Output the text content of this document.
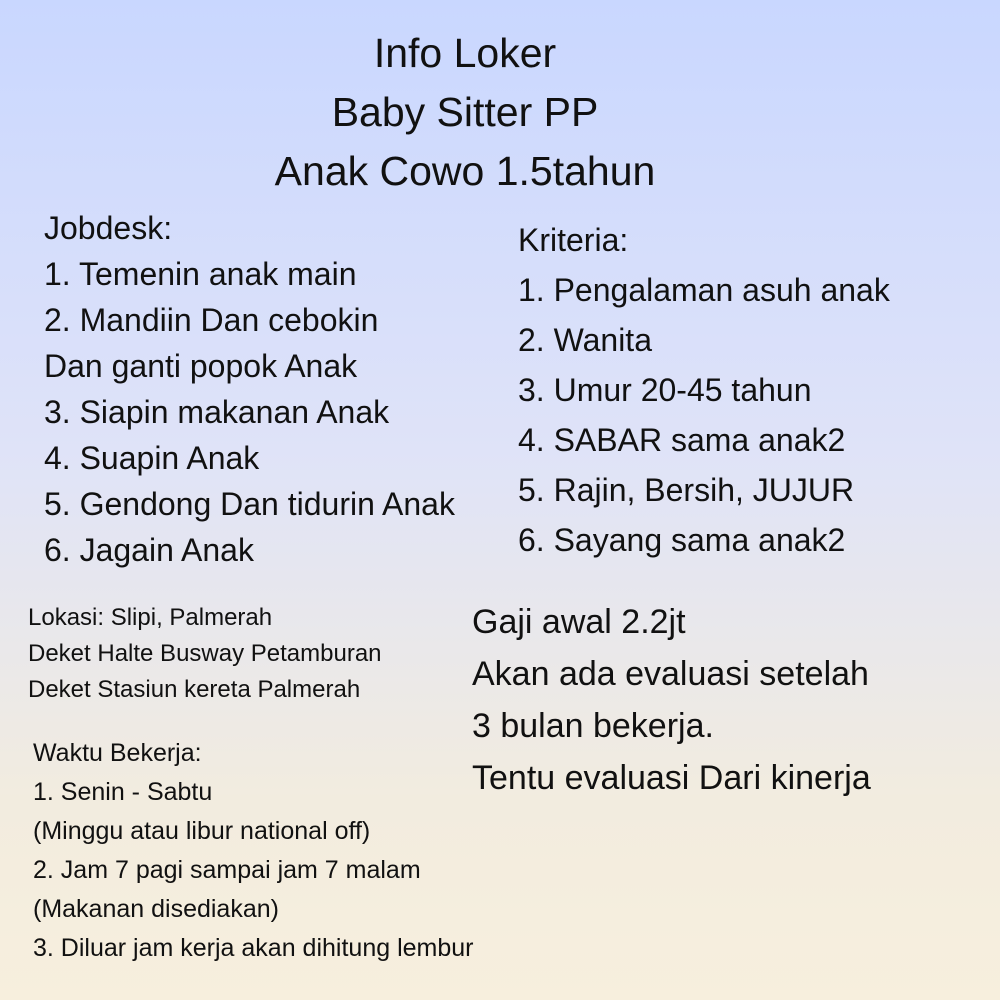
Info Loker
Baby Sitter PP
Anak Cowo 1.5tahun
Jobdesk:
1. Temenin anak main
2. Mandiin Dan cebokin
Dan ganti popok Anak
3. Siapin makanan Anak
4. Suapin Anak
5. Gendong Dan tidurin Anak
6. Jagain Anak
Kriteria:
1. Pengalaman asuh anak
2. Wanita
3. Umur 20-45 tahun
4. SABAR sama anak2
5. Rajin, Bersih, JUJUR
6. Sayang sama anak2
Lokasi: Slipi, Palmerah
Deket Halte Busway Petamburan
Deket Stasiun kereta Palmerah
Gaji awal 2.2jt
Akan ada evaluasi setelah
3 bulan bekerja.
Tentu evaluasi Dari kinerja
Waktu Bekerja:
1. Senin - Sabtu
(Minggu atau libur national off)
2. Jam 7 pagi sampai jam 7 malam
(Makanan disediakan)
3. Diluar jam kerja akan dihitung lembur
